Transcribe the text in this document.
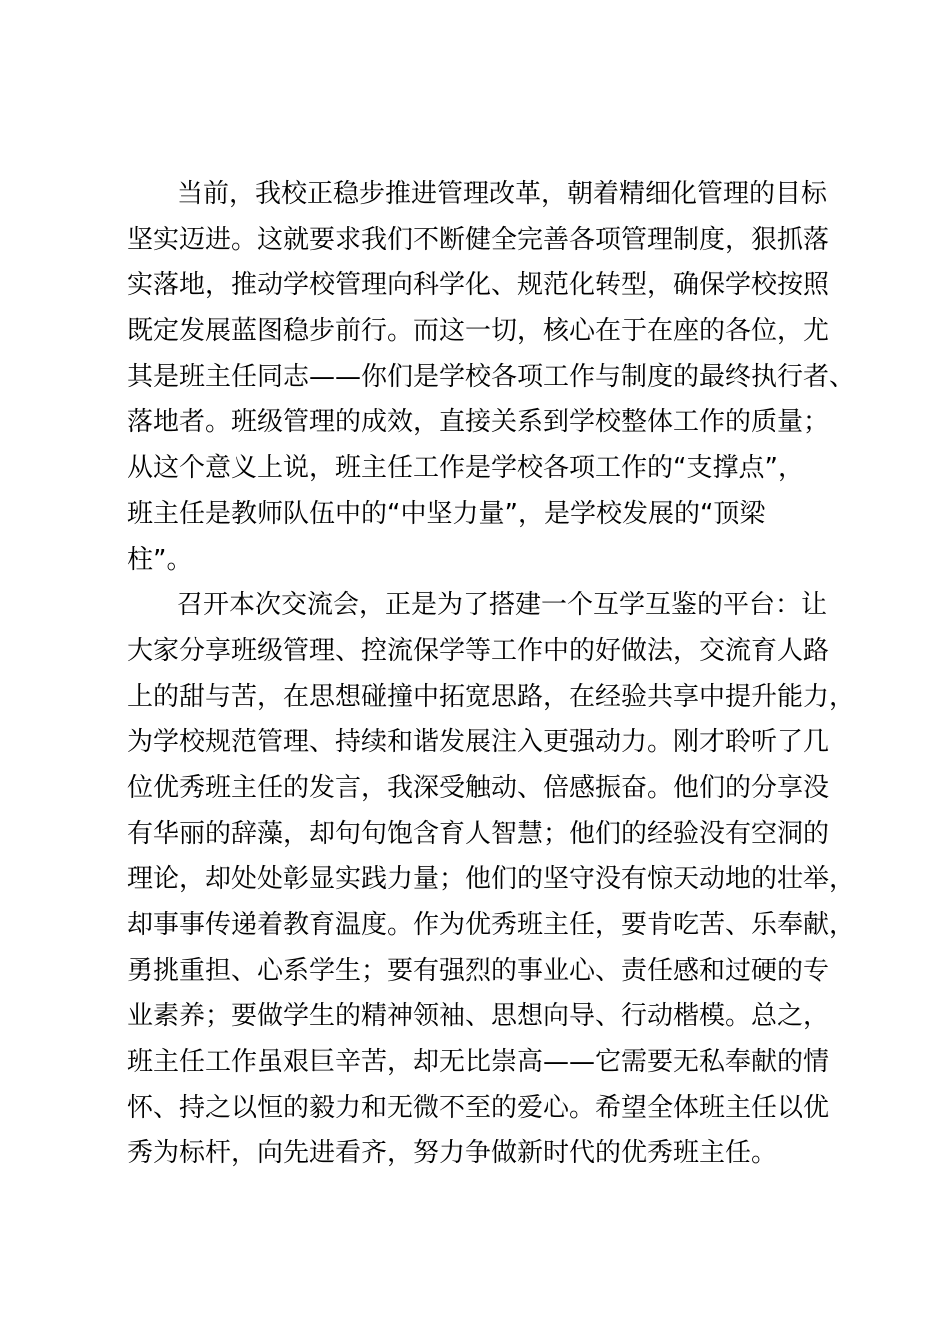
当前，我校正稳步推进管理改革，朝着精细化管理的目标
坚实迈进。这就要求我们不断健全完善各项管理制度，狠抓落
实落地，推动学校管理向科学化、规范化转型，确保学校按照
既定发展蓝图稳步前行。而这一切，核心在于在座的各位，尤
其是班主任同志——你们是学校各项工作与制度的最终执行者、
落地者。班级管理的成效，直接关系到学校整体工作的质量；
从这个意义上说，班主任工作是学校各项工作的“支撑点”，
班主任是教师队伍中的“中坚力量”，是学校发展的“顶梁
柱”。
召开本次交流会，正是为了搭建一个互学互鉴的平台：让
大家分享班级管理、控流保学等工作中的好做法，交流育人路
上的甜与苦，在思想碰撞中拓宽思路，在经验共享中提升能力，
为学校规范管理、持续和谐发展注入更强动力。刚才聆听了几
位优秀班主任的发言，我深受触动、倍感振奋。他们的分享没
有华丽的辞藻，却句句饱含育人智慧；他们的经验没有空洞的
理论，却处处彰显实践力量；他们的坚守没有惊天动地的壮举，
却事事传递着教育温度。作为优秀班主任，要肯吃苦、乐奉献，
勇挑重担、心系学生；要有强烈的事业心、责任感和过硬的专
业素养；要做学生的精神领袖、思想向导、行动楷模。总之，
班主任工作虽艰巨辛苦，却无比崇高——它需要无私奉献的情
怀、持之以恒的毅力和无微不至的爱心。希望全体班主任以优
秀为标杆，向先进看齐，努力争做新时代的优秀班主任。
